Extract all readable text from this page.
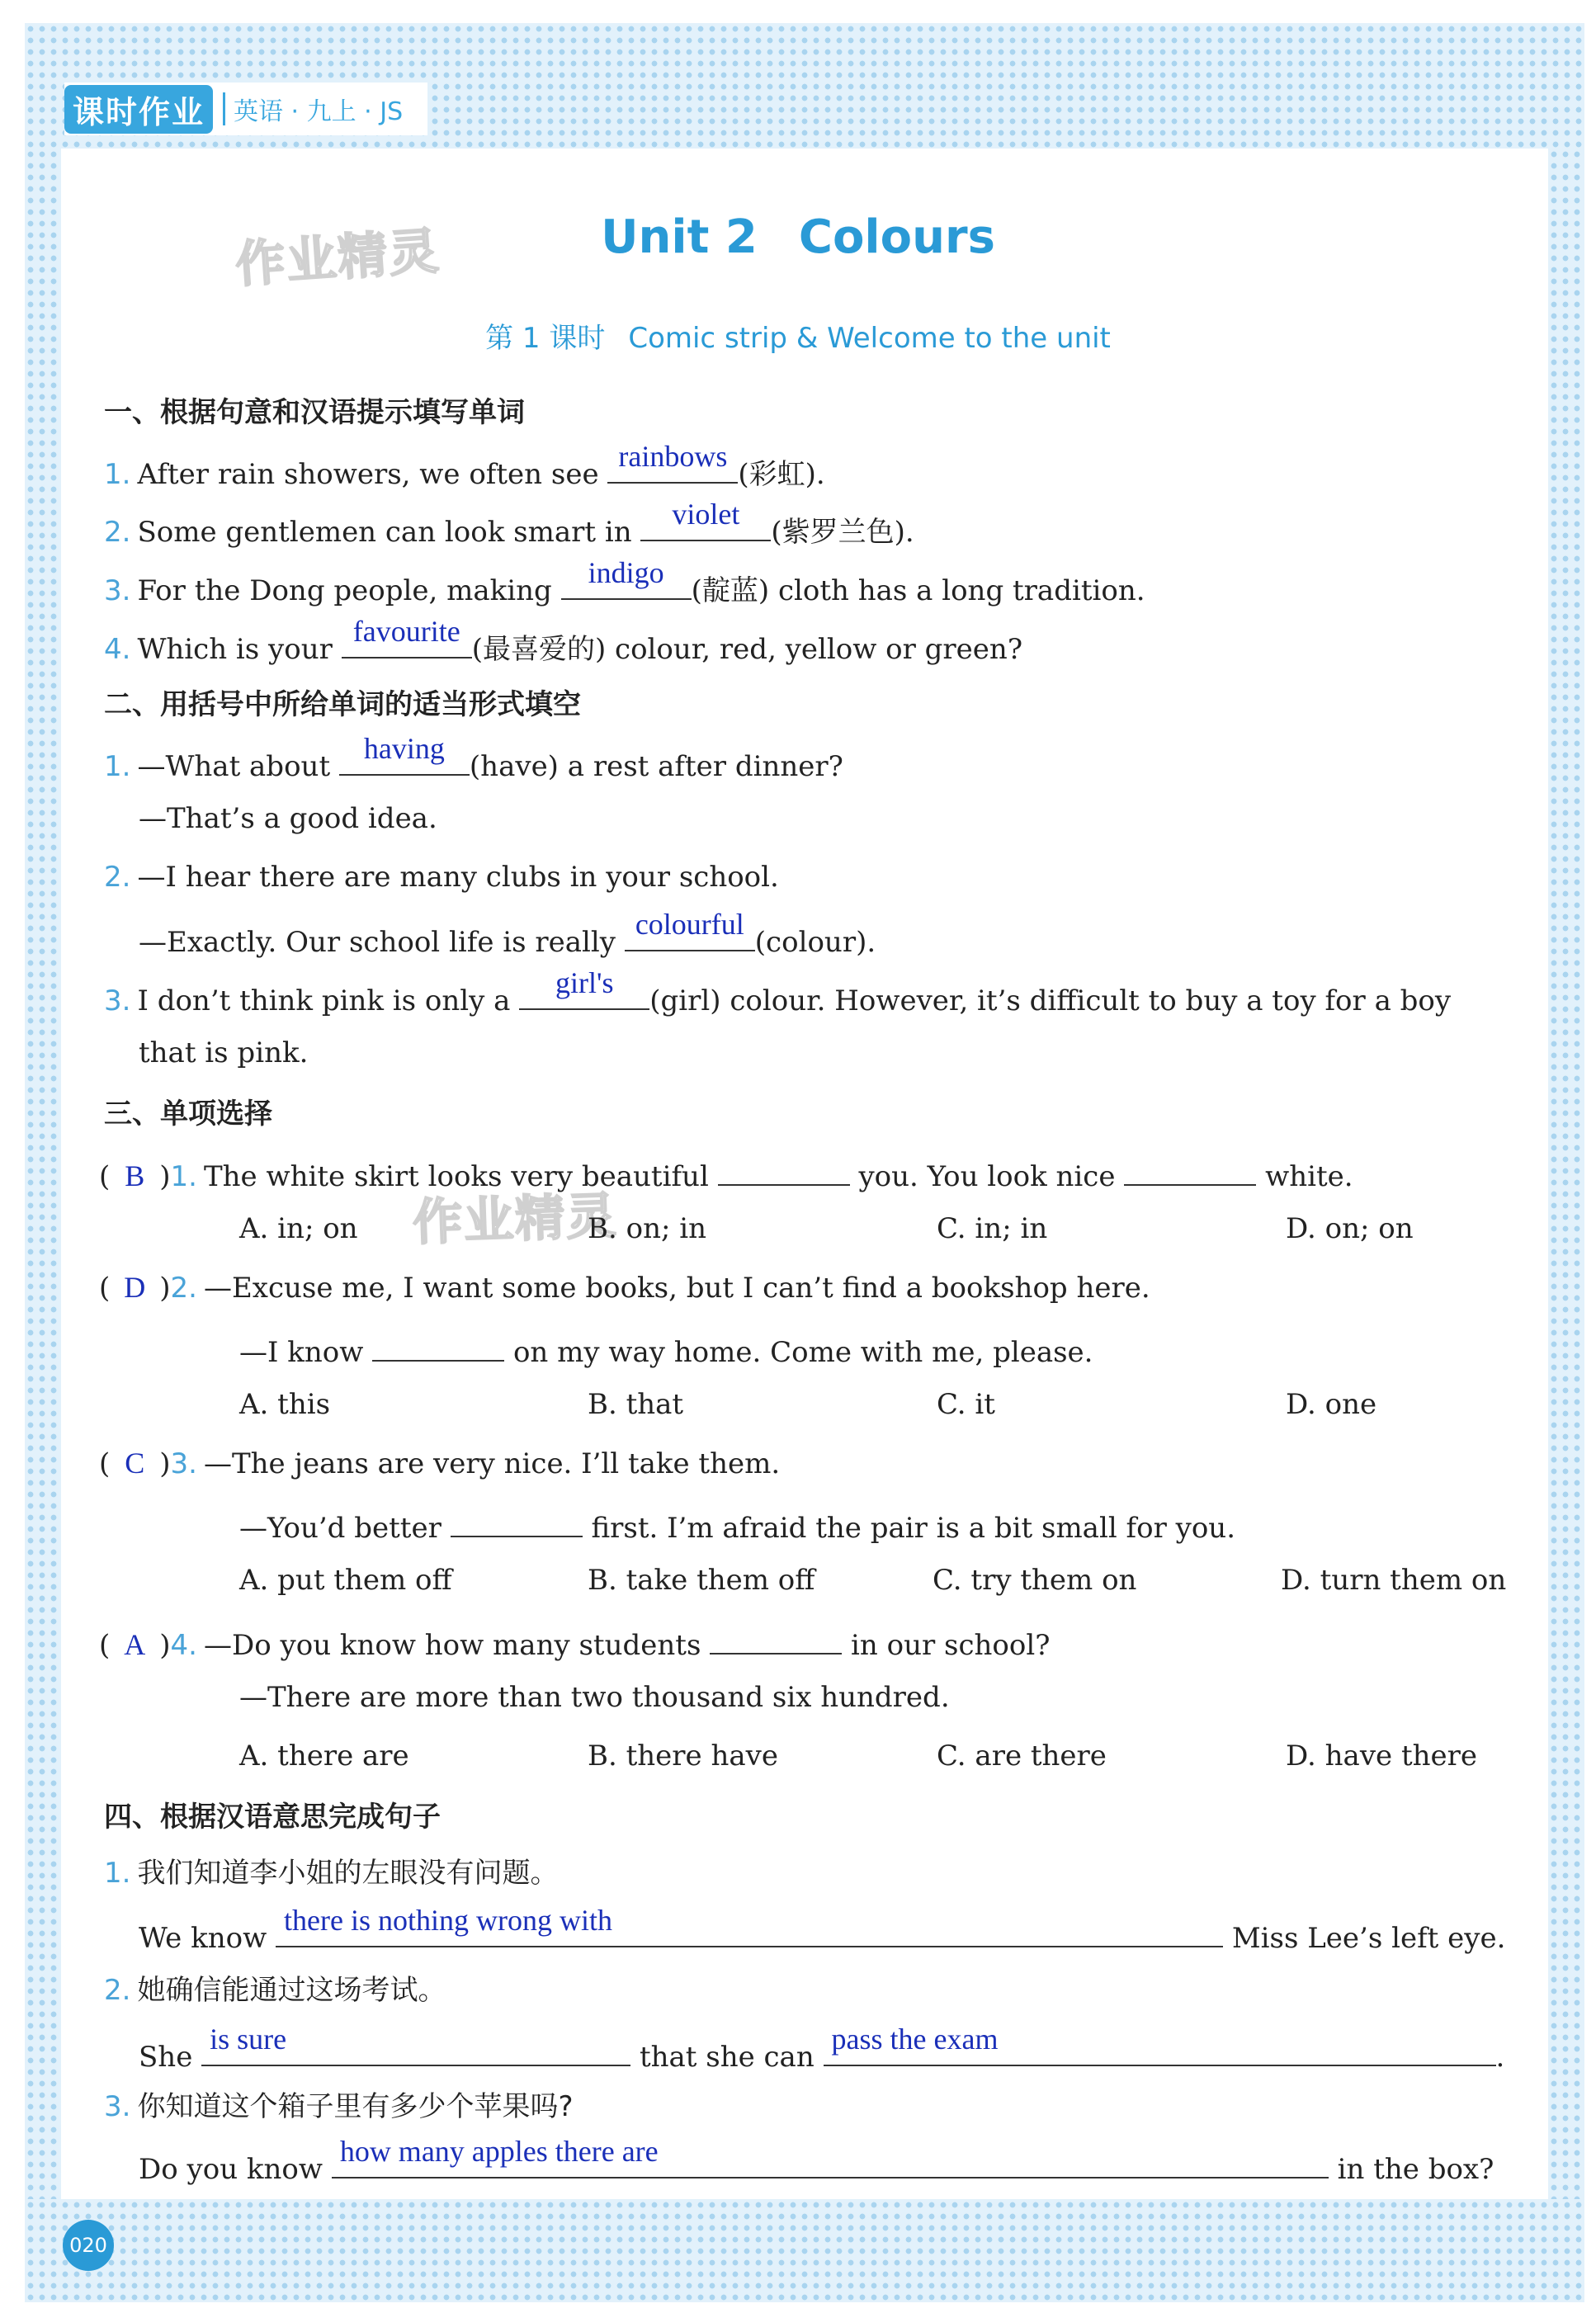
课时作业	英语 · 九上 · JS
作业精灵
作业精灵
Unit 2 Colours
第 1 课时 Comic strip & Welcome to the unit
一、根据句意和汉语提示填写单词
1. After rain showers, we often see
rainbows
(彩虹).
2. Some gentlemen can look smart in
violet
(紫罗兰色).
3. For the Dong people, making
indigo
(靛蓝) cloth has a long tradition.
4. Which is your
favourite
(最喜爱的) colour, red, yellow or green?
二、用括号中所给单词的适当形式填空
1. —What about
having
(have) a rest after dinner?
—That’s a good idea.
2. —I hear there are many clubs in your school.
—Exactly. Our school life is really
colourful
(colour).
3. I don’t think pink is only a
girl's
(girl) colour. However, it’s difficult to buy a toy for a boy
that is pink.
三、单项选择
( B )1. The white skirt looks very beautiful	you. You look nice	white.
A. in; on	B. on; in	C. in; in	D. on; on
( D )2. —Excuse me, I want some books, but I can’t find a bookshop here.
—I know	on my way home. Come with me, please.
A. this	B. that	C. it	D. one
( C )3. —The jeans are very nice. I’ll take them.
—You’d better	first. I’m afraid the pair is a bit small for you.
A. put them off	B. take them off	C. try them on	D. turn them on
( A )4. —Do you know how many students	in our school?
—There are more than two thousand six hundred.
A. there are	B. there have	C. are there	D. have there
四、根据汉语意思完成句子
1. 我们知道李小姐的左眼没有问题。
We know
there is nothing wrong with
Miss Lee’s left eye.
2. 她确信能通过这场考试。
She
is sure
that she can
pass the exam
.
3. 你知道这个箱子里有多少个苹果吗?
Do you know
how many apples there are
in the box?
020
